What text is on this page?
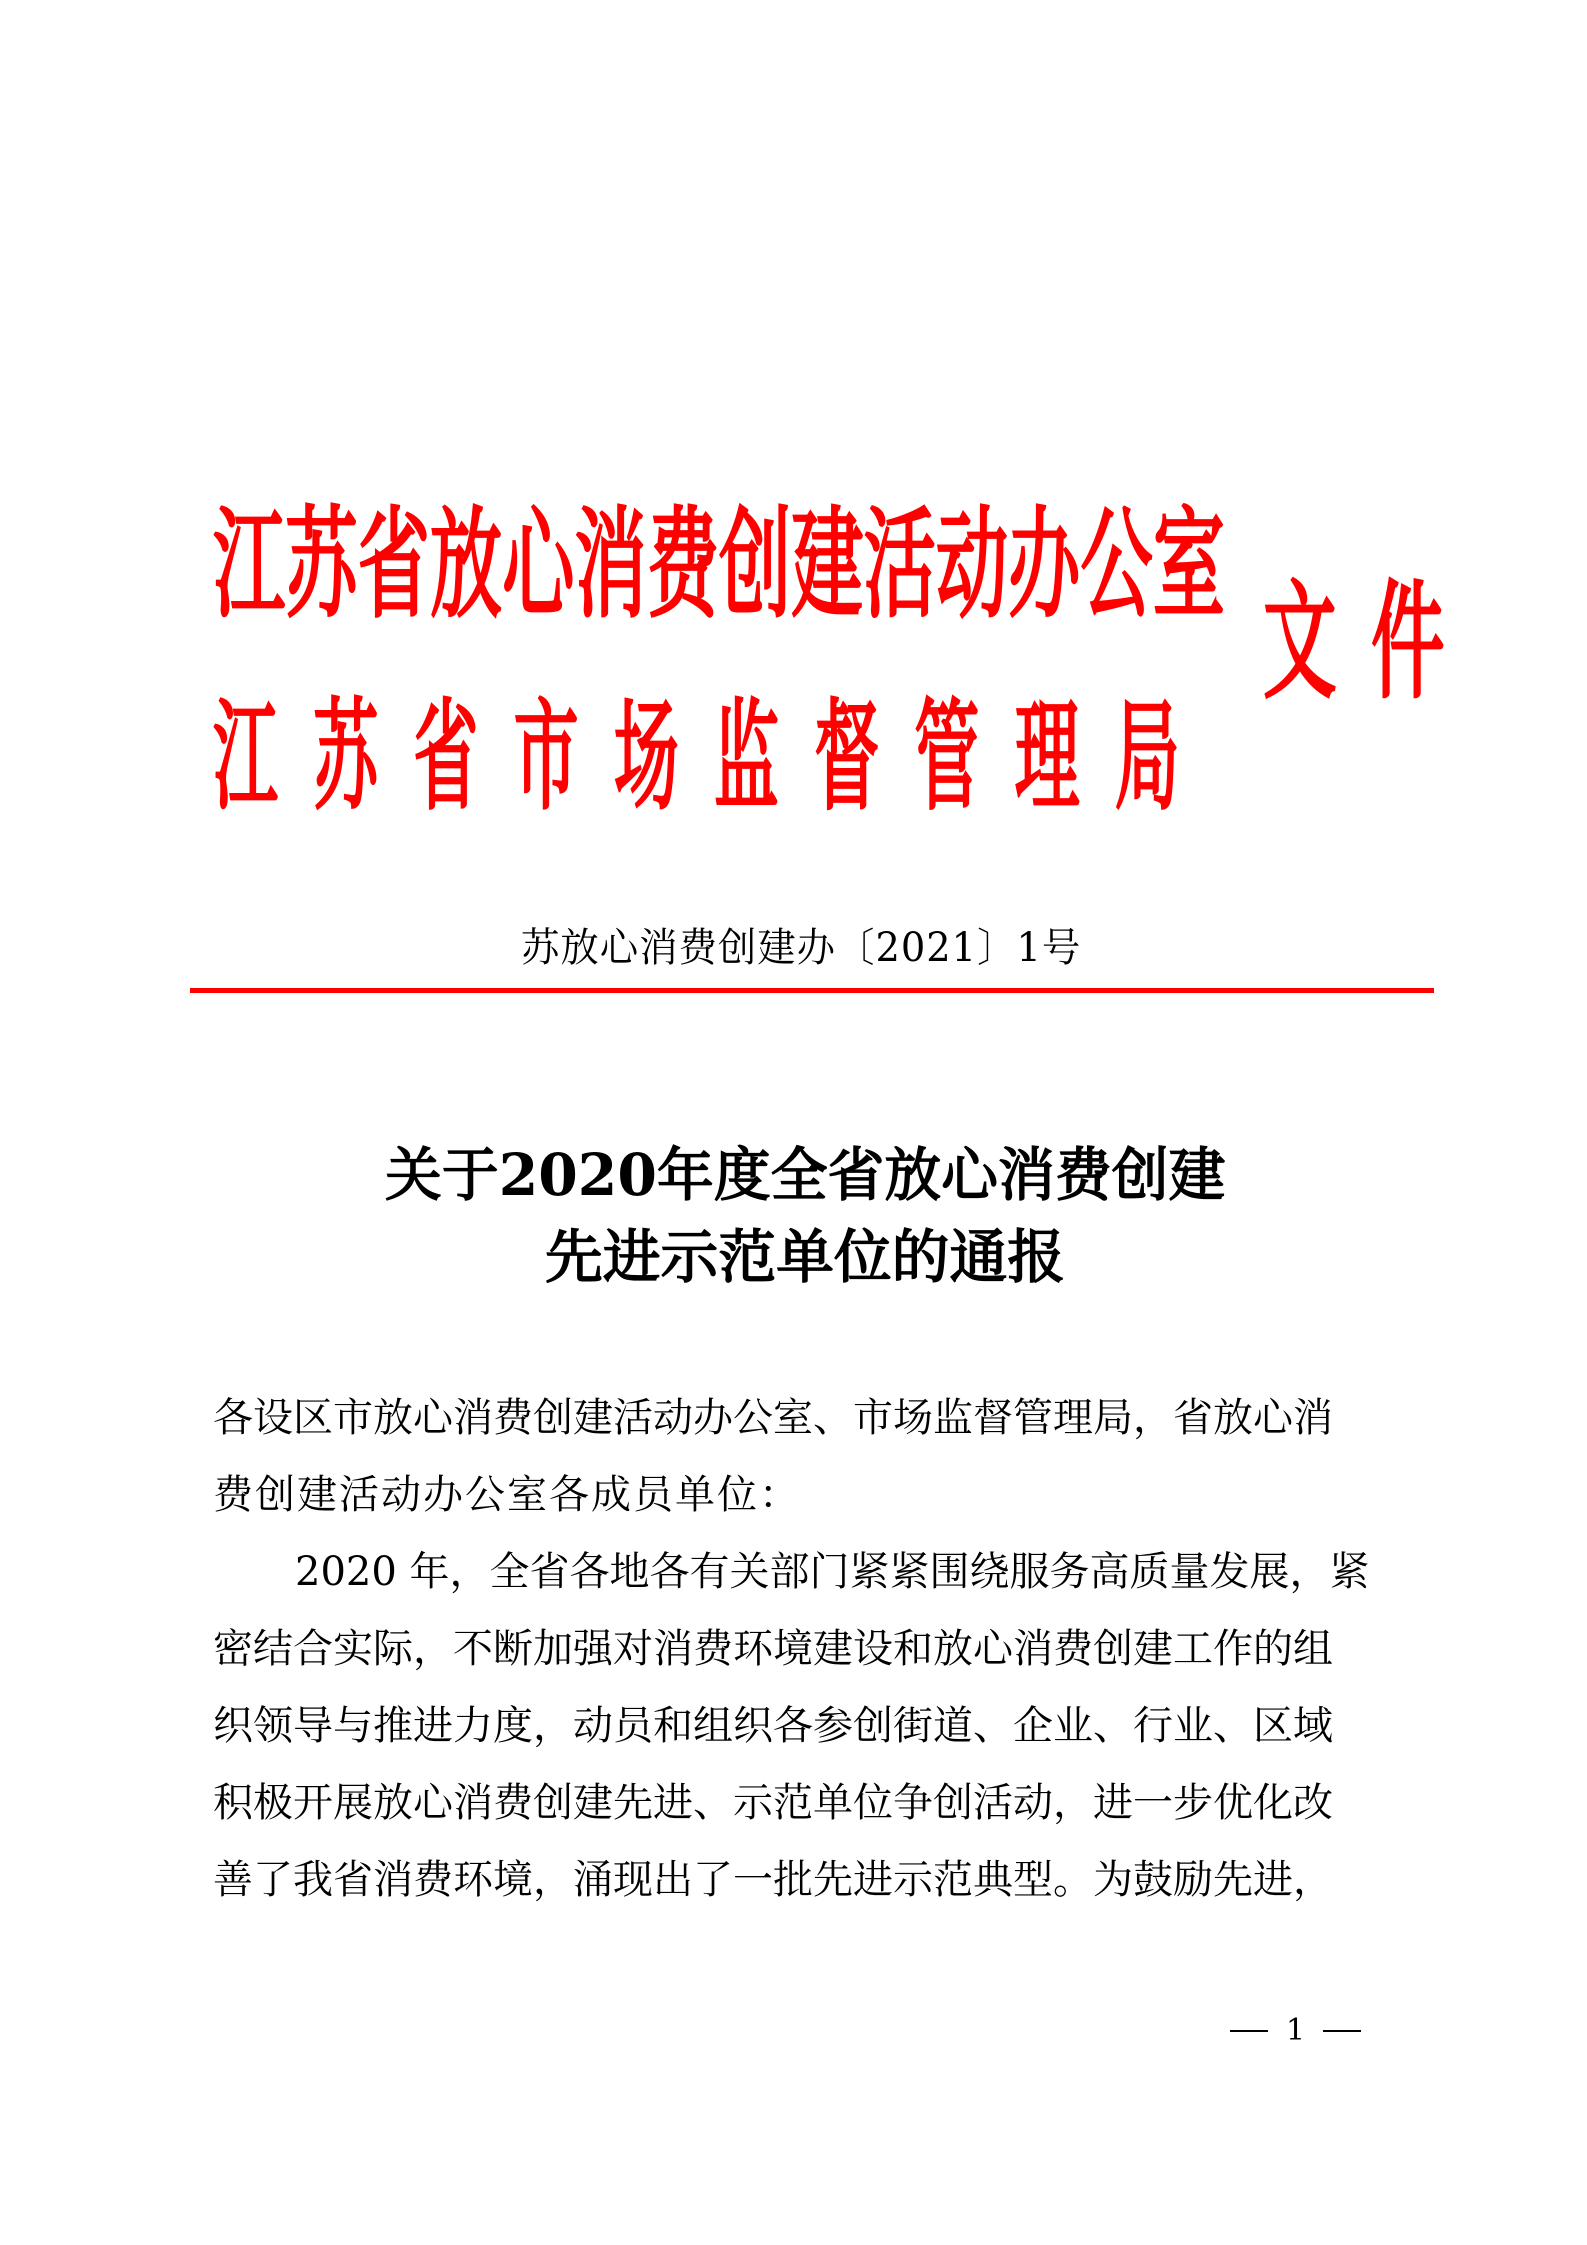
江苏省放心消费创建活动办公室
江苏省市场监督管理局
文件
苏放心消费创建办〔2021〕1号
关于2020年度全省放心消费创建
先进示范单位的通报
各设区市放心消费创建活动办公室、市场监督管理局，省放心消
费创建活动办公室各成员单位：
2020 年，全省各地各有关部门紧紧围绕服务高质量发展，紧
密结合实际，不断加强对消费环境建设和放心消费创建工作的组
织领导与推进力度，动员和组织各参创街道、企业、行业、区域
积极开展放心消费创建先进、示范单位争创活动，进一步优化改
善了我省消费环境，涌现出了一批先进示范典型。为鼓励先进，
1
